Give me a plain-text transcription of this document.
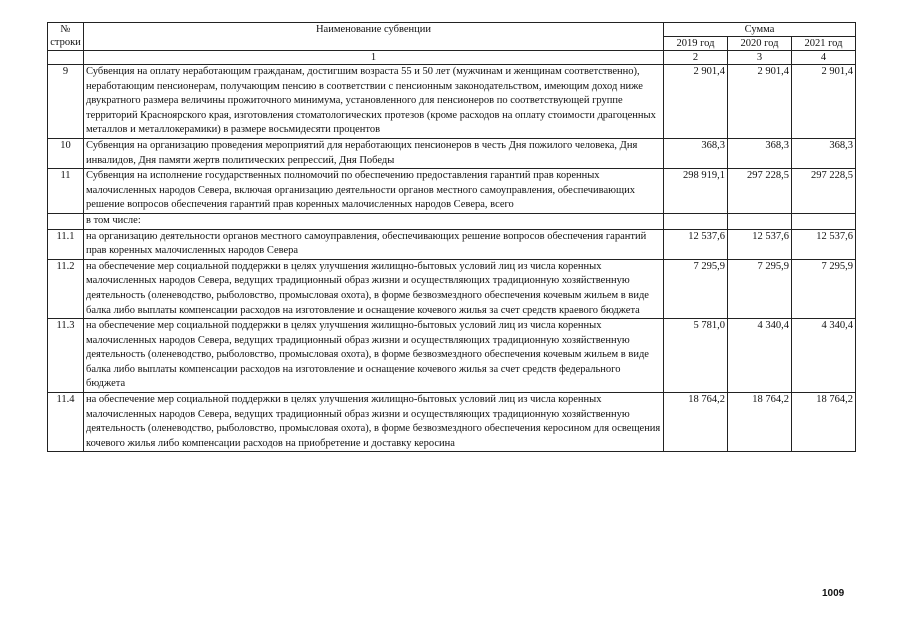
№
строки	Наименование субвенции	Сумма		
		2019 год	2020 год	2021 год
	1	2	3	4
9	Субвенция на оплату неработающим гражданам, достигшим возраста 55 и 50 лет (мужчинам и женщинам соответственно), неработающим пенсионерам, получающим пенсию в соответствии с пенсионным законодательством, имеющим доход ниже двукратного размера величины прожиточного минимума, установленного для пенсионеров по соответствующей группе территорий Красноярского края, изготовления стоматологических протезов (кроме расходов на оплату стоимости драгоценных металлов и металлокерамики) в размере восьмидесяти процентов	2 901,4	2 901,4	2 901,4
10	Субвенция на организацию проведения мероприятий для неработающих пенсионеров в честь Дня пожилого человека, Дня инвалидов, Дня памяти жертв политических репрессий, Дня Победы	368,3	368,3	368,3
11	Субвенция на исполнение государственных полномочий по обеспечению предоставления гарантий прав коренных малочисленных народов Севера, включая организацию деятельности органов местного самоуправления, обеспечивающих решение вопросов обеспечения гарантий прав коренных малочисленных народов Севера, всего	298 919,1	297 228,5	297 228,5
	в том числе:			
11.1	на организацию деятельности органов местного самоуправления, обеспечивающих решение вопросов обеспечения гарантий прав коренных малочисленных народов Севера	12 537,6	12 537,6	12 537,6
11.2	на обеспечение мер социальной поддержки в целях улучшения жилищно-бытовых условий лиц из числа коренных малочисленных народов Севера, ведущих традиционный образ жизни и осуществляющих традиционную хозяйственную деятельность (оленеводство, рыболовство, промысловая охота), в форме безвозмездного обеспечения кочевым жильем в виде балка либо выплаты компенсации расходов на изготовление и оснащение кочевого жилья за счет средств краевого бюджета	7 295,9	7 295,9	7 295,9
11.3	на обеспечение мер социальной поддержки в целях улучшения жилищно-бытовых условий лиц из числа коренных малочисленных народов Севера, ведущих традиционный образ жизни и осуществляющих традиционную хозяйственную деятельность (оленеводство, рыболовство, промысловая охота), в форме безвозмездного обеспечения кочевым жильем в виде балка либо выплаты компенсации расходов на изготовление и оснащение кочевого жилья за счет средств федерального бюджета	5 781,0	4 340,4	4 340,4
11.4	на обеспечение мер социальной поддержки в целях улучшения жилищно-бытовых условий лиц из числа коренных малочисленных народов Севера, ведущих традиционный образ жизни и осуществляющих традиционную хозяйственную деятельность (оленеводство, рыболовство, промысловая охота), в форме безвозмездного обеспечения керосином для освещения кочевого жилья либо компенсации расходов на приобретение и доставку керосина	18 764,2	18 764,2	18 764,2
1009
